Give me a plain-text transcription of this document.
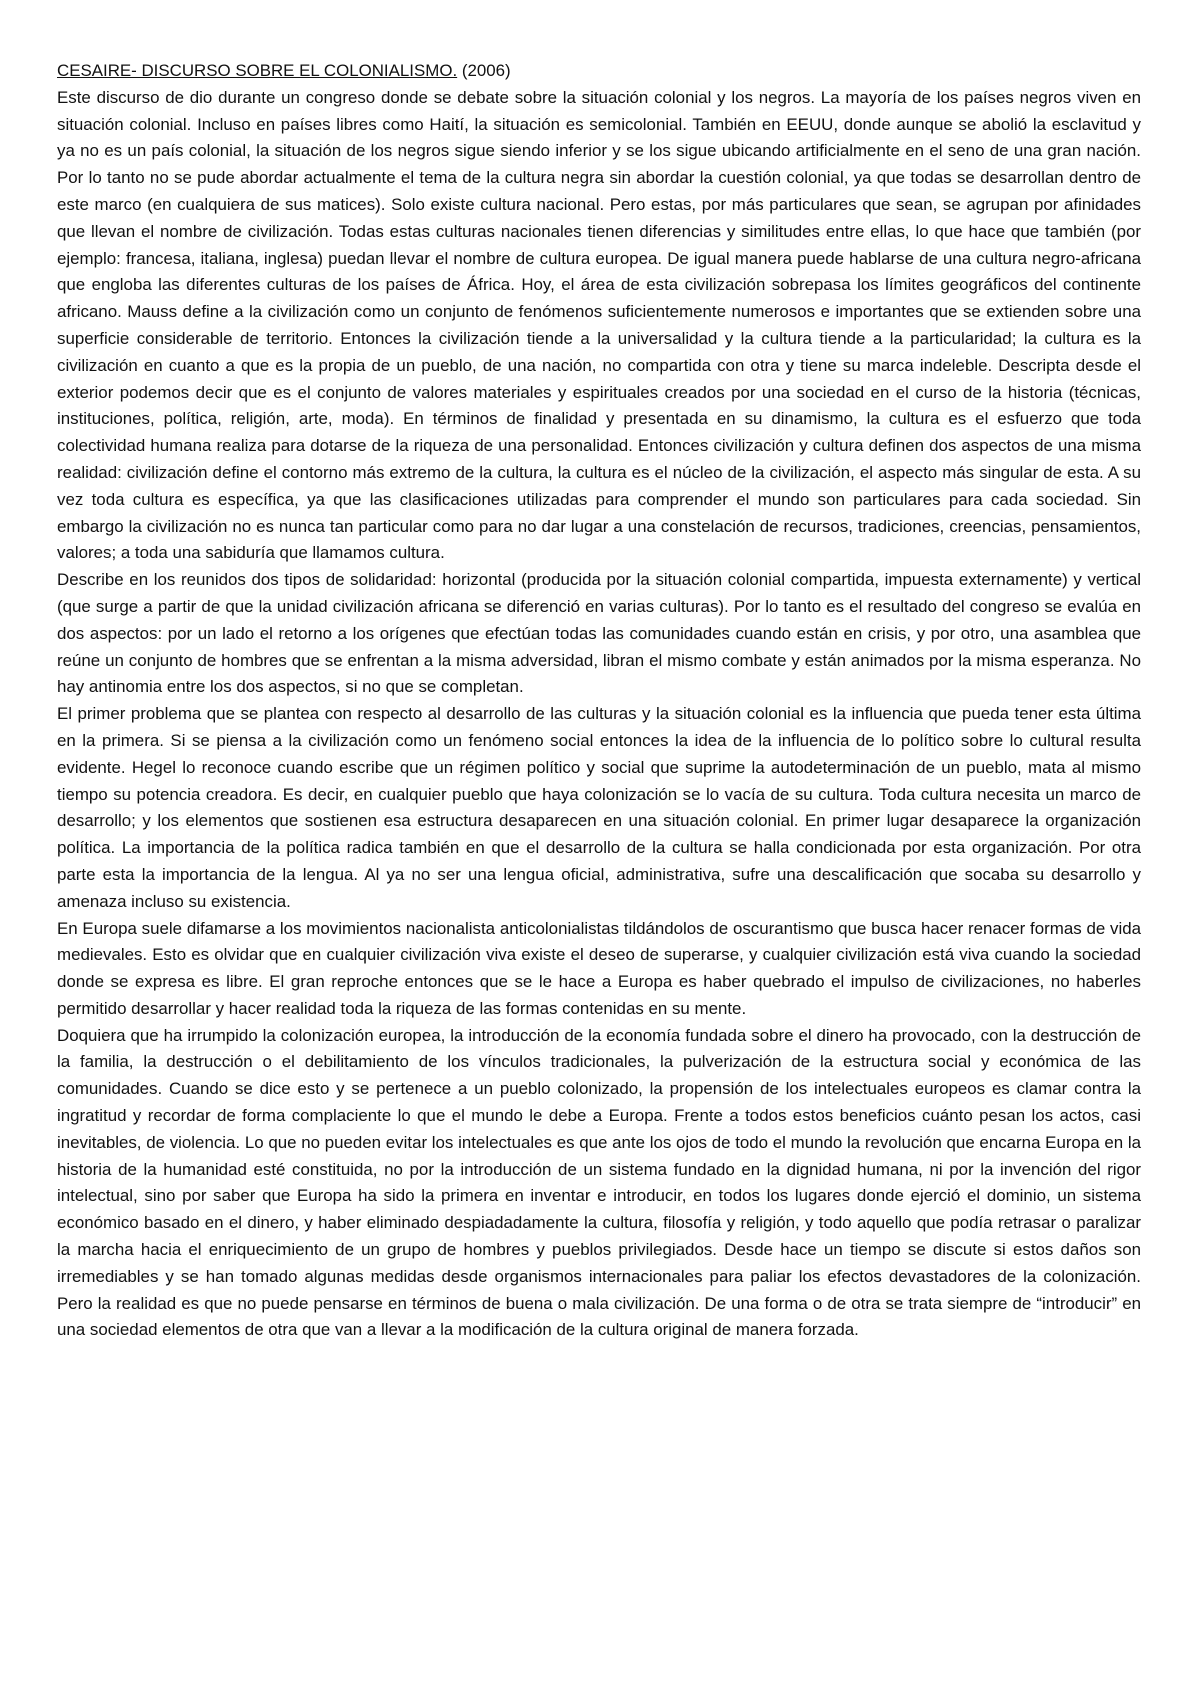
CESAIRE- DISCURSO SOBRE EL COLONIALISMO. (2006)

Este discurso de dio durante un congreso donde se debate sobre la situación colonial y los negros. La mayoría de los países negros viven en situación colonial. Incluso en países libres como Haití, la situación es semicolonial. También en EEUU, donde aunque se abolió la esclavitud y ya no es un país colonial, la situación de los negros sigue siendo inferior y se los sigue ubicando artificialmente en el seno de una gran nación. Por lo tanto no se pude abordar actualmente el tema de la cultura negra sin abordar la cuestión colonial, ya que todas se desarrollan dentro de este marco (en cualquiera de sus matices). Solo existe cultura nacional. Pero estas, por más particulares que sean, se agrupan por afinidades que llevan el nombre de civilización. Todas estas culturas nacionales tienen diferencias y similitudes entre ellas, lo que hace que también (por ejemplo: francesa, italiana, inglesa) puedan llevar el nombre de cultura europea. De igual manera puede hablarse de una cultura negro-africana que engloba las diferentes culturas de los países de África. Hoy, el área de esta civilización sobrepasa los límites geográficos del continente africano. Mauss define a la civilización como un conjunto de fenómenos suficientemente numerosos e importantes que se extienden sobre una superficie considerable de territorio. Entonces la civilización tiende a la universalidad y la cultura tiende a la particularidad; la cultura es la civilización en cuanto a que es la propia de un pueblo, de una nación, no compartida con otra y tiene su marca indeleble. Descripta desde el exterior podemos decir que es el conjunto de valores materiales y espirituales creados por una sociedad en el curso de la historia (técnicas, instituciones, política, religión, arte, moda). En términos de finalidad y presentada en su dinamismo, la cultura es el esfuerzo que toda colectividad humana realiza para dotarse de la riqueza de una personalidad. Entonces civilización y cultura definen dos aspectos de una misma realidad: civilización define el contorno más extremo de la cultura, la cultura es el núcleo de la civilización, el aspecto más singular de esta. A su vez toda cultura es específica, ya que las clasificaciones utilizadas para comprender el mundo son particulares para cada sociedad. Sin embargo la civilización no es nunca tan particular como para no dar lugar a una constelación de recursos, tradiciones, creencias, pensamientos, valores; a toda una sabiduría que llamamos cultura.

Describe en los reunidos dos tipos de solidaridad: horizontal (producida por la situación colonial compartida, impuesta externamente) y vertical (que surge a partir de que la unidad civilización africana se diferenció en varias culturas). Por lo tanto es el resultado del congreso se evalúa en dos aspectos: por un lado el retorno a los orígenes que efectúan todas las comunidades cuando están en crisis, y por otro, una asamblea que reúne un conjunto de hombres que se enfrentan a la misma adversidad, libran el mismo combate y están animados por la misma esperanza. No hay antinomia entre los dos aspectos, si no que se completan.

El primer problema que se plantea con respecto al desarrollo de las culturas y la situación colonial es la influencia que pueda tener esta última en la primera. Si se piensa a la civilización como un fenómeno social entonces la idea de la influencia de lo político sobre lo cultural resulta evidente. Hegel lo reconoce cuando escribe que un régimen político y social que suprime la autodeterminación de un pueblo, mata al mismo tiempo su potencia creadora. Es decir, en cualquier pueblo que haya colonización se lo vacía de su cultura. Toda cultura necesita un marco de desarrollo; y los elementos que sostienen esa estructura desaparecen en una situación colonial. En primer lugar desaparece la organización política. La importancia de la política radica también en que el desarrollo de la cultura se halla condicionada por esta organización. Por otra parte esta la importancia de la lengua. Al ya no ser una lengua oficial, administrativa, sufre una descalificación que socaba su desarrollo y amenaza incluso su existencia.

En Europa suele difamarse a los movimientos nacionalista anticolonialistas tildándolos de oscurantismo que busca hacer renacer formas de vida medievales. Esto es olvidar que en cualquier civilización viva existe el deseo de superarse, y cualquier civilización está viva cuando la sociedad donde se expresa es libre. El gran reproche entonces que se le hace a Europa es haber quebrado el impulso de civilizaciones, no haberles permitido desarrollar y hacer realidad toda la riqueza de las formas contenidas en su mente.

Doquiera que ha irrumpido la colonización europea, la introducción de la economía fundada sobre el dinero ha provocado, con la destrucción de la familia, la destrucción o el debilitamiento de los vínculos tradicionales, la pulverización de la estructura social y económica de las comunidades. Cuando se dice esto y se pertenece a un pueblo colonizado, la propensión de los intelectuales europeos es clamar contra la ingratitud y recordar de forma complaciente lo que el mundo le debe a Europa. Frente a todos estos beneficios cuánto pesan los actos, casi inevitables, de violencia. Lo que no pueden evitar los intelectuales es que ante los ojos de todo el mundo la revolución que encarna Europa en la historia de la humanidad esté constituida, no por la introducción de un sistema fundado en la dignidad humana, ni por la invención del rigor intelectual, sino por saber que Europa ha sido la primera en inventar e introducir, en todos los lugares donde ejerció el dominio, un sistema económico basado en el dinero, y haber eliminado despiadadamente la cultura, filosofía y religión, y todo aquello que podía retrasar o paralizar la marcha hacia el enriquecimiento de un grupo de hombres y pueblos privilegiados. Desde hace un tiempo se discute si estos daños son irremediables y se han tomado algunas medidas desde organismos internacionales para paliar los efectos devastadores de la colonización. Pero la realidad es que no puede pensarse en términos de buena o mala civilización. De una forma o de otra se trata siempre de “introducir” en una sociedad elementos de otra que van a llevar a la modificación de la cultura original de manera forzada.
